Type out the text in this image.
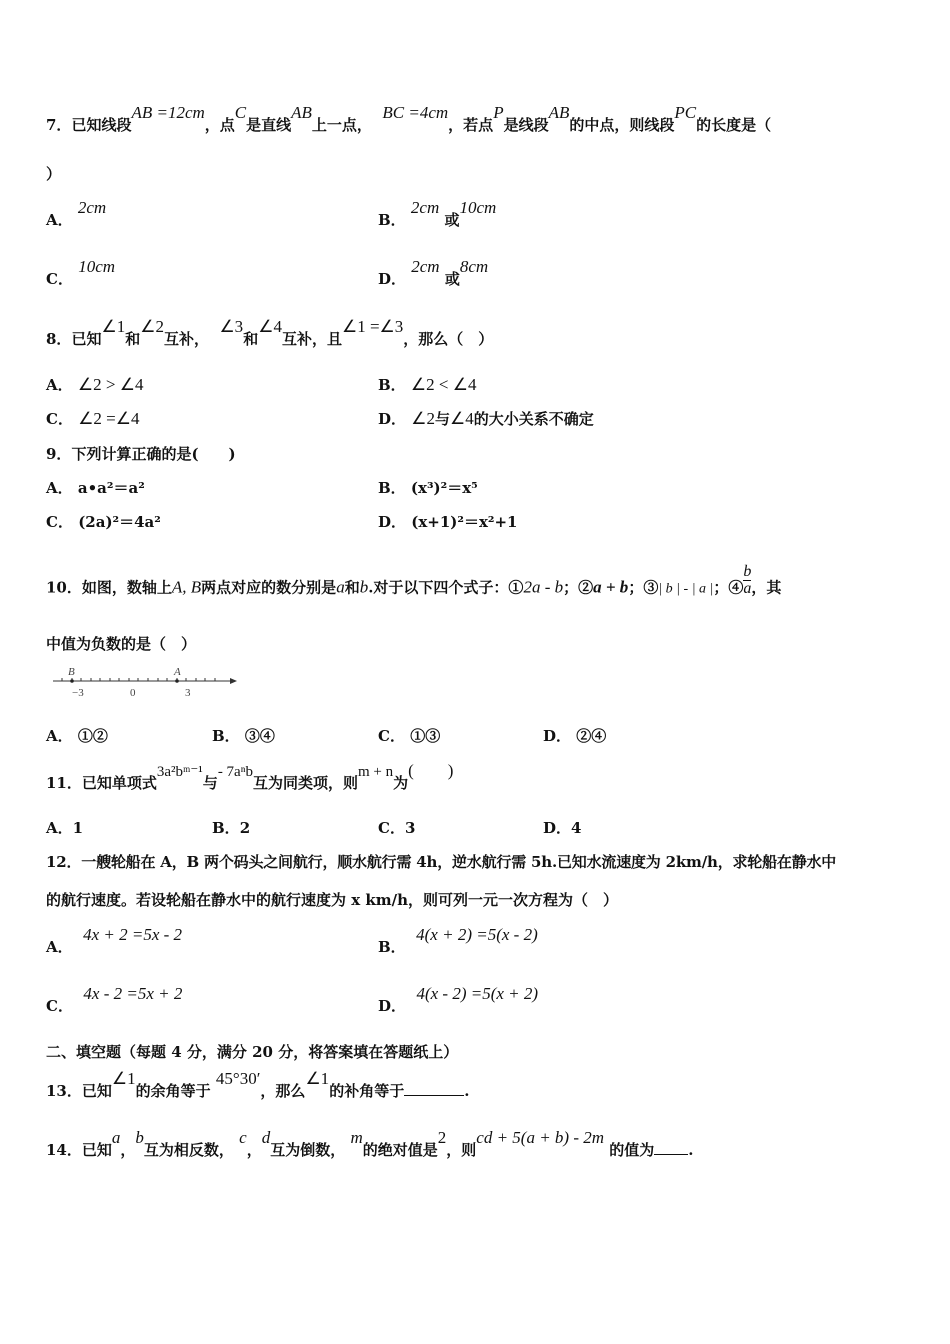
7．已知线段AB =12cm，点C是直线AB上一点，  BC =4cm，若点P是线段AB的中点，则线段PC的长度是（
）
A． 2cm
B． 2cm 或10cm
C． 10cm
D． 2cm 或8cm
8．已知∠1和∠2互补，  ∠3和∠4互补，且∠1 =∠3，那么（　）
A． ∠2 > ∠4	B． ∠2 < ∠4
C． ∠2 =∠4	D． ∠2与∠4的大小关系不确定
9．下列计算正确的是(　　)
A． a•a²＝a²	B． (x³)²＝x⁵
C． (2a)²＝4a²	D． (x+1)²＝x²+1
10．如图，数轴上A, B两点对应的数分别是a和b.对于以下四个式子：①2a - b；②a + b；③| b | - | a |；④ $\frac{b}{a}$ ，其
中值为负数的是（　）
B	A
−3	0	3
A． ①②	B． ③④	C． ①③	D． ②④
11．已知单项式3a²bᵐ⁻¹与- 7aⁿb互为同类项，则m + n为(　　)
A．1	B．2	C．3	D．4
12．一艘轮船在 A，B 两个码头之间航行，顺水航行需 4h，逆水航行需 5h.已知水流速度为 2km/h，求轮船在静水中
的航行速度。若设轮船在静水中的航行速度为 x km/h，则可列一元一次方程为（　）
A．  4x + 2 =5x - 2
B．  4(x + 2) =5(x - 2)
C．  4x - 2 =5x + 2
D．  4(x - 2) =5(x + 2)
二、填空题（每题 4 分，满分 20 分，将答案填在答题纸上）
13．已知∠1的余角等于 45°30′，那么∠1的补角等于	.
14．已知a，b互为相反数， c，d互为倒数， m的绝对值是2，则cd + 5(a + b) - 2m 的值为 .
